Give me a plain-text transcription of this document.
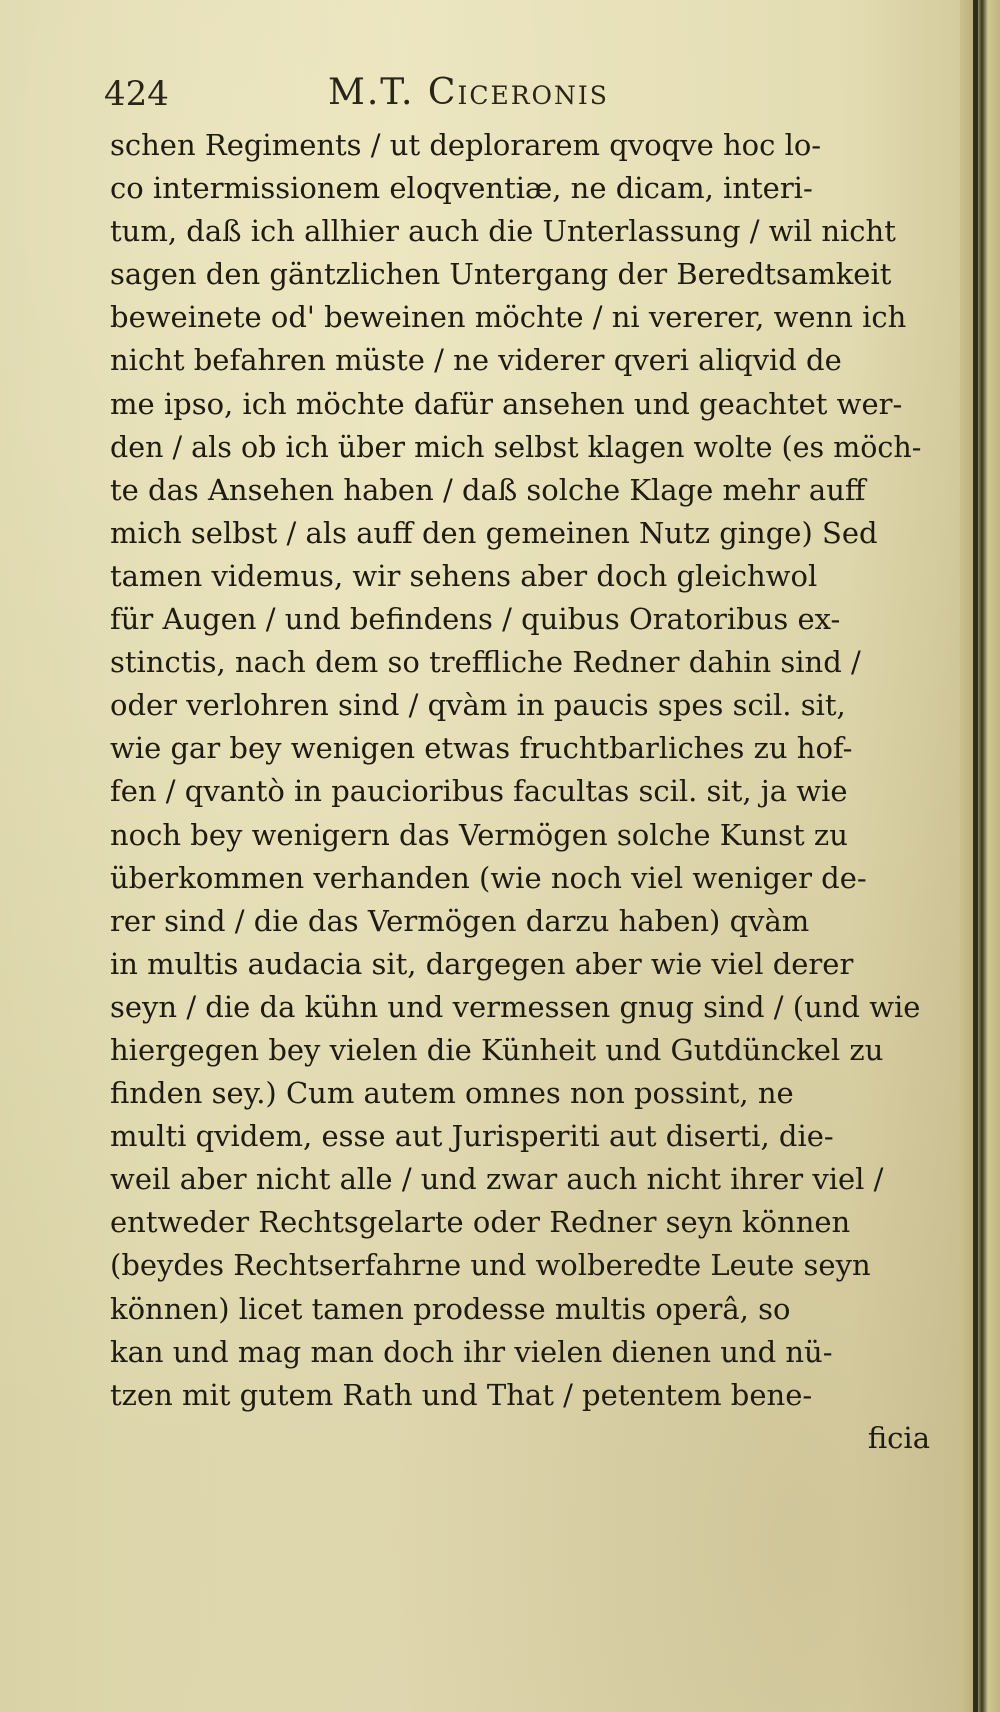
424	M.T. Ciceronis
schen Regiments / ut deplorarem qvoqve hoc lo-
co intermissionem eloqventiæ, ne dicam, interi-
tum, daß ich allhier auch die Unterlassung / wil nicht
sagen den gäntzlichen Untergang der Beredtsamkeit
beweinete od' beweinen möchte / ni vererer, wenn ich
nicht befahren müste / ne viderer qveri aliqvid de
me ipso, ich möchte dafür ansehen und geachtet wer-
den / als ob ich über mich selbst klagen wolte (es möch-
te das Ansehen haben / daß solche Klage mehr auff
mich selbst / als auff den gemeinen Nutz ginge) Sed
tamen videmus, wir sehens aber doch gleichwol
für Augen / und befindens / quibus Oratoribus ex-
stinctis, nach dem so treffliche Redner dahin sind /
oder verlohren sind / qvàm in paucis spes scil. sit,
wie gar bey wenigen etwas fruchtbarliches zu hof-
fen / qvantò in paucioribus facultas scil. sit, ja wie
noch bey wenigern das Vermögen solche Kunst zu
überkommen verhanden (wie noch viel weniger de-
rer sind / die das Vermögen darzu haben) qvàm
in multis audacia sit, dargegen aber wie viel derer
seyn / die da kühn und vermessen gnug sind / (und wie
hiergegen bey vielen die Künheit und Gutdünckel zu
finden sey.) Cum autem omnes non possint, ne
multi qvidem, esse aut Jurisperiti aut diserti, die-
weil aber nicht alle / und zwar auch nicht ihrer viel /
entweder Rechtsgelarte oder Redner seyn können
(beydes Rechtserfahrne und wolberedte Leute seyn
können) licet tamen prodesse multis operâ, so
kan und mag man doch ihr vielen dienen und nü-
tzen mit gutem Rath und That / petentem bene-
ficia
